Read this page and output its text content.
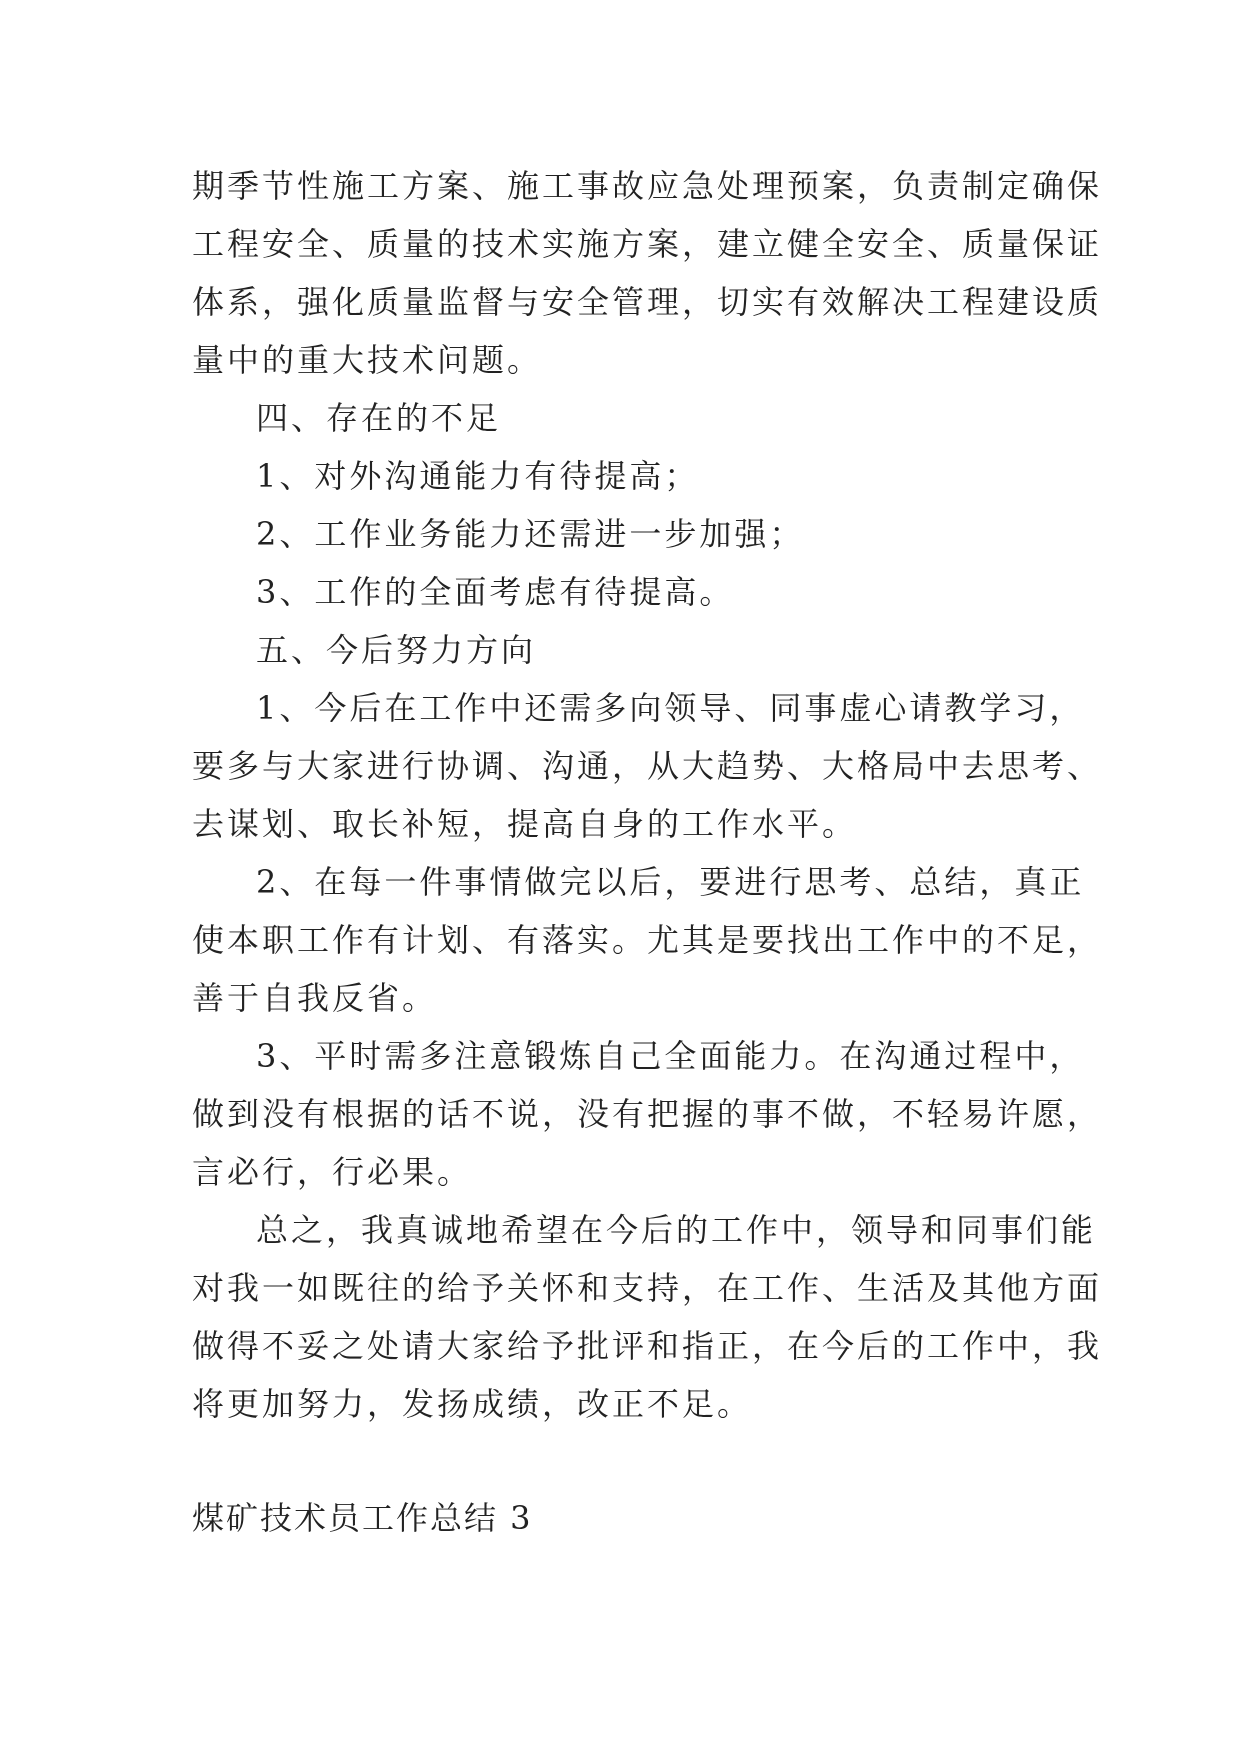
期季节性施工方案、施工事故应急处理预案，负责制定确保
工程安全、质量的技术实施方案，建立健全安全、质量保证
体系，强化质量监督与安全管理，切实有效解决工程建设质
量中的重大技术问题。
四、存在的不足
1、对外沟通能力有待提高；
2、工作业务能力还需进一步加强；
3、工作的全面考虑有待提高。
五、今后努力方向
1、今后在工作中还需多向领导、同事虚心请教学习，
要多与大家进行协调、沟通，从大趋势、大格局中去思考、
去谋划、取长补短，提高自身的工作水平。
2、在每一件事情做完以后，要进行思考、总结，真正
使本职工作有计划、有落实。尤其是要找出工作中的不足，
善于自我反省。
3、平时需多注意锻炼自己全面能力。在沟通过程中，
做到没有根据的话不说，没有把握的事不做，不轻易许愿，
言必行，行必果。
总之，我真诚地希望在今后的工作中，领导和同事们能
对我一如既往的给予关怀和支持，在工作、生活及其他方面
做得不妥之处请大家给予批评和指正，在今后的工作中，我
将更加努力，发扬成绩，改正不足。
煤矿技术员工作总结 3
